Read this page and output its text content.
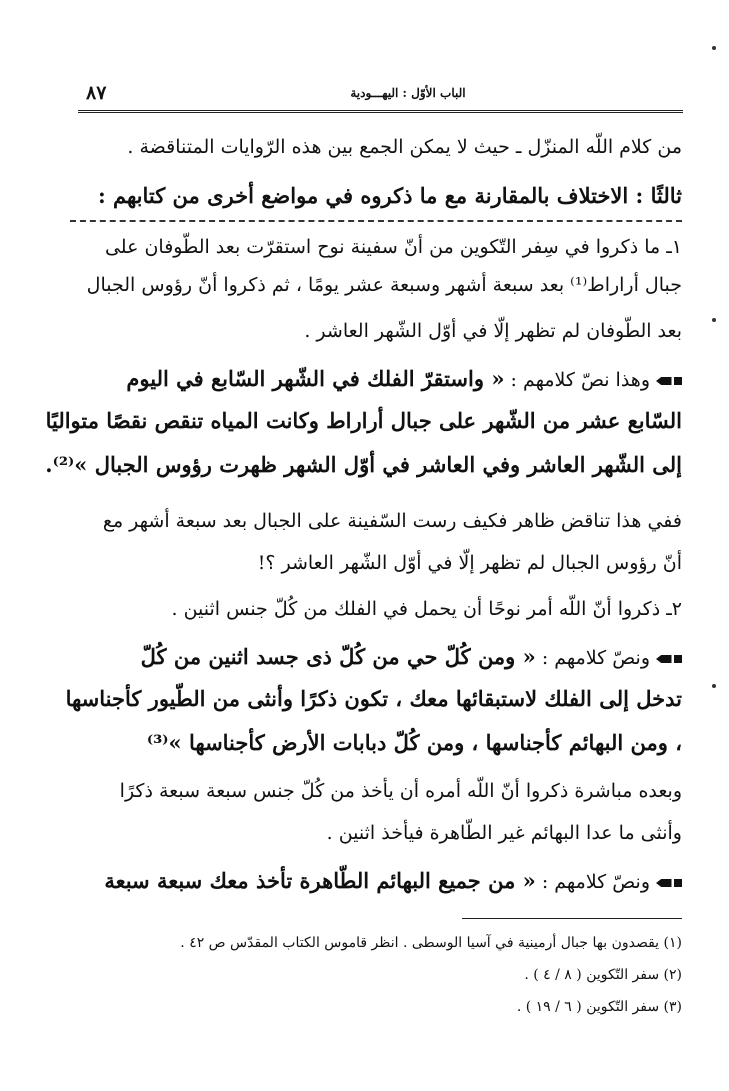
٨٧	الباب الأوّل : اليهـــودية
من كلام اللّه المنزّل ـ حيث لا يمكن الجمع بين هذه الرّوايات المتناقضة .
ثالثًا : الاختلاف بالمقارنة مع ما ذكروه في مواضع أخرى من كتابهم :
١ـ ما ذكروا في سِفر التّكوين من أنّ سفينة نوح استقرّت بعد الطّوفان على
جبال أراراط⁽¹⁾ بعد سبعة أشهر وسبعة عشر يومًا ، ثم ذكروا أنّ رؤوس الجبال
بعد الطّوفان لم تظهر إلّا في أوّل الشّهر العاشر .
وهذا نصّ كلامهم : « واستقرّ الفلك في الشّهر السّابع في اليوم
السّابع عشر من الشّهر على جبال أراراط وكانت المياه تنقص نقصًا متواليًا
إلى الشّهر العاشر وفي العاشر في أوّل الشهر ظهرت رؤوس الجبال »⁽²⁾.
ففي هذا تناقض ظاهر فكيف رست السّفينة على الجبال بعد سبعة أشهر مع
أنّ رؤوس الجبال لم تظهر إلّا في أوّل الشّهر العاشر ؟!
٢ـ ذكروا أنّ اللّه أمر نوحًا أن يحمل في الفلك من كُلّ جنس اثنين .
ونصّ كلامهم : « ومن كُلّ حي من كُلّ ذى جسد اثنين من كُلّ
تدخل إلى الفلك لاستبقائها معك ، تكون ذكرًا وأنثى من الطّيور كأجناسها
، ومن البهائم كأجناسها ، ومن كُلّ دبابات الأرض كأجناسها »⁽³⁾
وبعده مباشرة ذكروا أنّ اللّه أمره أن يأخذ من كُلّ جنس سبعة سبعة ذكرًا
وأنثى ما عدا البهائم غير الطّاهرة فيأخذ اثنين .
ونصّ كلامهم : « من جميع البهائم الطّاهرة تأخذ معك سبعة سبعة
(١) يقصدون بها جبال أرمينية في آسيا الوسطى . انظر قاموس الكتاب المقدّس ص ٤٢ .
(٢) سفر التّكوين ( ٨ / ٤ ) .
(٣) سفر التّكوين ( ٦ / ١٩ ) .
